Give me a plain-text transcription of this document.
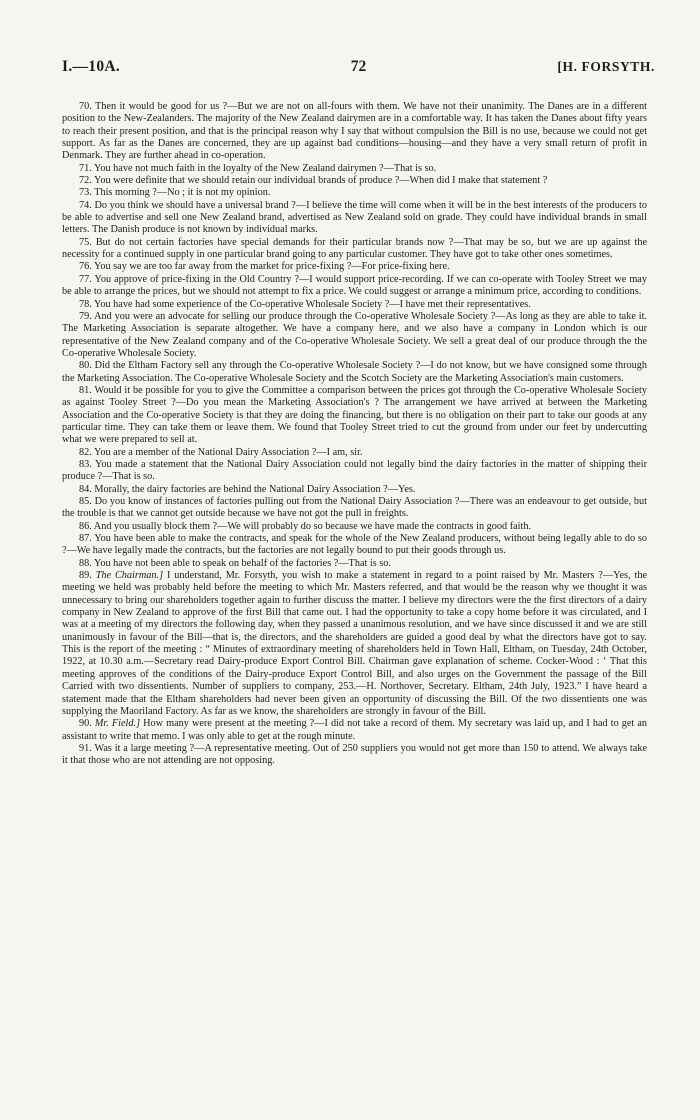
I.—10A.	72	[H. FORSYTH.

70. Then it would be good for us ?—But we are not on all-fours with them. We have not their unanimity. The Danes are in a different position to the New-Zealanders. The majority of the New Zealand dairymen are in a comfortable way. It has taken the Danes about fifty years to reach their present position, and that is the principal reason why I say that without compulsion the Bill is no use, because we could not get support. As far as the Danes are concerned, they are up against bad conditions—housing—and they have a very small return of profit in Denmark. They are further ahead in co-operation.

71. You have not much faith in the loyalty of the New Zealand dairymen ?—That is so.

72. You were definite that we should retain our individual brands of produce ?—When did I make that statement ?

73. This morning ?—No ; it is not my opinion.

74. Do you think we should have a universal brand ?—I believe the time will come when it will be in the best interests of the producers to be able to advertise and sell one New Zealand brand, advertised as New Zealand sold on grade. They could have individual brands in small letters. The Danish produce is not known by individual marks.

75. But do not certain factories have special demands for their particular brands now ?—That may be so, but we are up against the necessity for a continued supply in one particular brand going to any particular customer. They have got to take other ones sometimes.

76. You say we are too far away from the market for price-fixing ?—For price-fixing here.

77. You approve of price-fixing in the Old Country ?—I would support price-recording. If we can co-operate with Tooley Street we may be able to arrange the prices, but we should not attempt to fix a price. We could suggest or arrange a minimum price, according to conditions.

78. You have had some experience of the Co-operative Wholesale Society ?—I have met their representatives.

79. And you were an advocate for selling our produce through the Co-operative Wholesale Society ?—As long as they are able to take it. The Marketing Association is separate altogether. We have a company here, and we also have a company in London which is our representative of the New Zealand company and of the Co-operative Wholesale Society. We sell a great deal of our produce through the the Co-operative Wholesale Society.

80. Did the Eltham Factory sell any through the Co-operative Wholesale Society ?—I do not know, but we have consigned some through the Marketing Association. The Co-operative Wholesale Society and the Scotch Society are the Marketing Association's main customers.

81. Would it be possible for you to give the Committee a comparison between the prices got through the Co-operative Wholesale Society as against Tooley Street ?—Do you mean the Marketing Association's ? The arrangement we have arrived at between the Marketing Association and the Co-operative Society is that they are doing the financing, but there is no obligation on their part to take our goods at any particular time. They can take them or leave them. We found that Tooley Street tried to cut the ground from under our feet by undercutting what we were prepared to sell at.

82. You are a member of the National Dairy Association ?—I am, sir.

83. You made a statement that the National Dairy Association could not legally bind the dairy factories in the matter of shipping their produce ?—That is so.

84. Morally, the dairy factories are behind the National Dairy Association ?—Yes.

85. Do you know of instances of factories pulling out from the National Dairy Association ?—There was an endeavour to get outside, but the trouble is that we cannot get outside because we have not got the pull in freights.

86. And you usually block them ?—We will probably do so because we have made the contracts in good faith.

87. You have been able to make the contracts, and speak for the whole of the New Zealand producers, without being legally able to do so ?—We have legally made the contracts, but the factories are not legally bound to put their goods through us.

88. You have not been able to speak on behalf of the factories ?—That is so.

89. The Chairman.] I understand, Mr. Forsyth, you wish to make a statement in regard to a point raised by Mr. Masters ?—Yes, the meeting we held was probably held before the meeting to which Mr. Masters referred, and that would be the reason why we thought it was unnecessary to bring our shareholders together again to further discuss the matter. I believe my directors were the the first directors of a dairy company in New Zealand to approve of the first Bill that came out. I had the opportunity to take a copy home before it was circulated, and I was at a meeting of my directors the following day, when they passed a unanimous resolution, and we have since discussed it and we are still unanimously in favour of the Bill—that is, the directors, and the shareholders are guided a good deal by what the directors have got to say. This is the report of the meeting : “ Minutes of extraordinary meeting of shareholders held in Town Hall, Eltham, on Tuesday, 24th October, 1922, at 10.30 a.m.—Secretary read Dairy-produce Export Control Bill. Chairman gave explanation of scheme. Cocker-Wood : ‘ That this meeting approves of the conditions of the Dairy-produce Export Control Bill, and also urges on the Government the passage of the Bill Carried with two dissentients. Number of suppliers to company, 253.—H. Northover, Secretary. Eltham, 24th July, 1923.” I have heard a statement made that the Eltham shareholders had never been given an opportunity of discussing the Bill. Of the two dissentients one was supplying the Maoriland Factory. As far as we know, the shareholders are strongly in favour of the Bill.

90. Mr. Field.] How many were present at the meeting ?—I did not take a record of them. My secretary was laid up, and I had to get an assistant to write that memo. I was only able to get at the rough minute.

91. Was it a large meeting ?—A representative meeting. Out of 250 suppliers you would not get more than 150 to attend. We always take it that those who are not attending are not opposing.
